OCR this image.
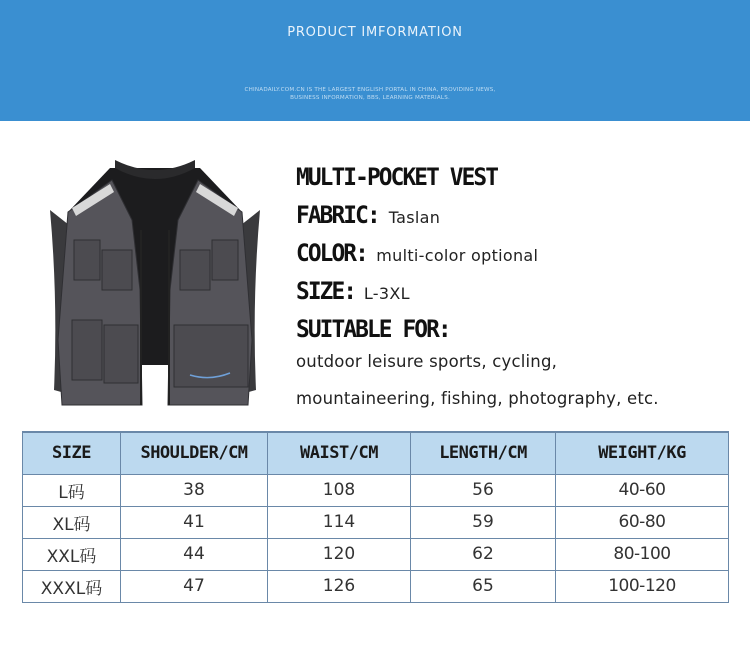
PRODUCT IMFORMATION
CHINADAILY.COM.CN IS THE LARGEST ENGLISH PORTAL IN CHINA, PROVIDING NEWS, BUSINESS INFORMATION, BBS, LEARNING MATERIALS.
MULTI-POCKET VEST
FABRIC: Taslan
COLOR: multi-color optional
SIZE: L-3XL
SUITABLE FOR:
outdoor leisure sports, cycling,
mountaineering, fishing, photography, etc.
SIZE	SHOULDER/CM	WAIST/CM	LENGTH/CM	WEIGHT/KG
L码	38	108	56	40-60
XL码	41	114	59	60-80
XXL码	44	120	62	80-100
XXXL码	47	126	65	100-120
